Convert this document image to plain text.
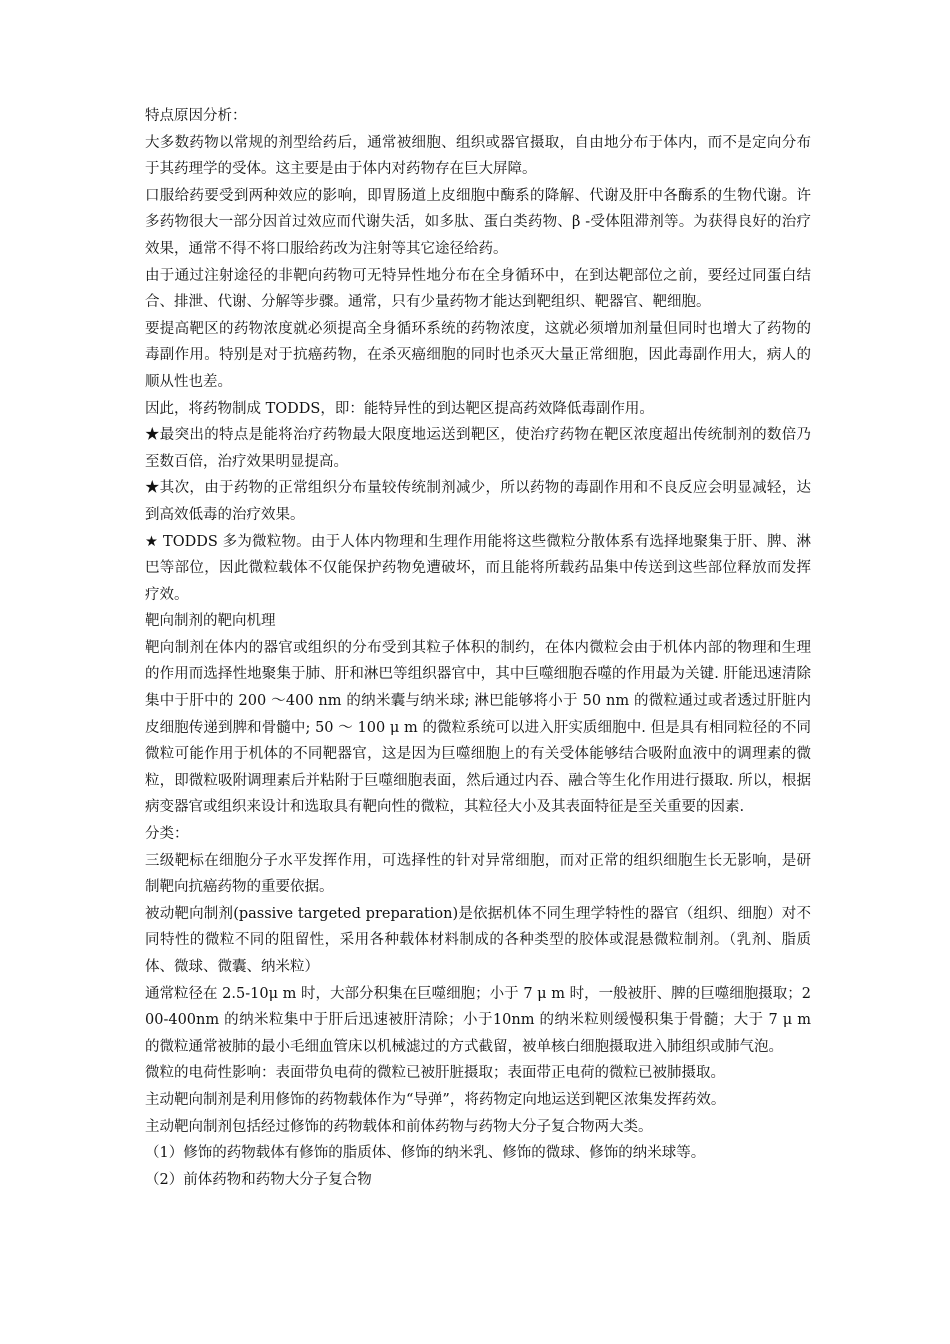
特点原因分析：

大多数药物以常规的剂型给药后，通常被细胞、组织或器官摄取，自由地分布于体内，而不是定向分布于其药理学的受体。这主要是由于体内对药物存在巨大屏障。

口服给药要受到两种效应的影响，即胃肠道上皮细胞中酶系的降解、代谢及肝中各酶系的生物代谢。许多药物很大一部分因首过效应而代谢失活，如多肽、蛋白类药物、β -受体阻滞剂等。为获得良好的治疗效果，通常不得不将口服给药改为注射等其它途径给药。

由于通过注射途径的非靶向药物可无特异性地分布在全身循环中，在到达靶部位之前，要经过同蛋白结合、排泄、代谢、分解等步骤。通常，只有少量药物才能达到靶组织、靶器官、靶细胞。

要提高靶区的药物浓度就必须提高全身循环系统的药物浓度，这就必须增加剂量但同时也增大了药物的毒副作用。特别是对于抗癌药物，在杀灭癌细胞的同时也杀灭大量正常细胞，因此毒副作用大，病人的顺从性也差。

因此，将药物制成 TODDS，即：能特异性的到达靶区提高药效降低毒副作用。

★最突出的特点是能将治疗药物最大限度地运送到靶区，使治疗药物在靶区浓度超出传统制剂的数倍乃至数百倍，治疗效果明显提高。

★其次，由于药物的正常组织分布量较传统制剂减少，所以药物的毒副作用和不良反应会明显减轻，达到高效低毒的治疗效果。

★ TODDS 多为微粒物。由于人体内物理和生理作用能将这些微粒分散体系有选择地聚集于肝、脾、淋巴等部位，因此微粒载体不仅能保护药物免遭破坏，而且能将所载药品集中传送到这些部位释放而发挥疗效。

靶向制剂的靶向机理

靶向制剂在体内的器官或组织的分布受到其粒子体积的制约，在体内微粒会由于机体内部的物理和生理的作用而选择性地聚集于肺、肝和淋巴等组织器官中，其中巨噬细胞吞噬的作用最为关键. 肝能迅速清除集中于肝中的 200 ～400 nm 的纳米囊与纳米球; 淋巴能够将小于 50 nm 的微粒通过或者透过肝脏内皮细胞传递到脾和骨髓中; 50 ～ 100 μ m 的微粒系统可以进入肝实质细胞中. 但是具有相同粒径的不同微粒可能作用于机体的不同靶器官，这是因为巨噬细胞上的有关受体能够结合吸附血液中的调理素的微粒，即微粒吸附调理素后并粘附于巨噬细胞表面，然后通过内吞、融合等生化作用进行摄取. 所以，根据病变器官或组织来设计和选取具有靶向性的微粒，其粒径大小及其表面特征是至关重要的因素.

分类：

三级靶标在细胞分子水平发挥作用，可选择性的针对异常细胞，而对正常的组织细胞生长无影响，是研制靶向抗癌药物的重要依据。

被动靶向制剂(passive targeted preparation)是依据机体不同生理学特性的器官（组织、细胞）对不同特性的微粒不同的阻留性，采用各种载体材料制成的各种类型的胶体或混悬微粒制剂。（乳剂、脂质体、微球、微囊、纳米粒）

通常粒径在 2.5-10μ m 时，大部分积集在巨噬细胞；小于 7 μ m 时，一般被肝、脾的巨噬细胞摄取；200-400nm 的纳米粒集中于肝后迅速被肝清除；小于10nm 的纳米粒则缓慢积集于骨髓；大于 7 μ m 的微粒通常被肺的最小毛细血管床以机械滤过的方式截留，被单核白细胞摄取进入肺组织或肺气泡。

微粒的电荷性影响：表面带负电荷的微粒已被肝脏摄取；表面带正电荷的微粒已被肺摄取。

主动靶向制剂是利用修饰的药物载体作为“导弹”，将药物定向地运送到靶区浓集发挥药效。

主动靶向制剂包括经过修饰的药物载体和前体药物与药物大分子复合物两大类。

（1）修饰的药物载体有修饰的脂质体、修饰的纳米乳、修饰的微球、修饰的纳米球等。

（2）前体药物和药物大分子复合物
